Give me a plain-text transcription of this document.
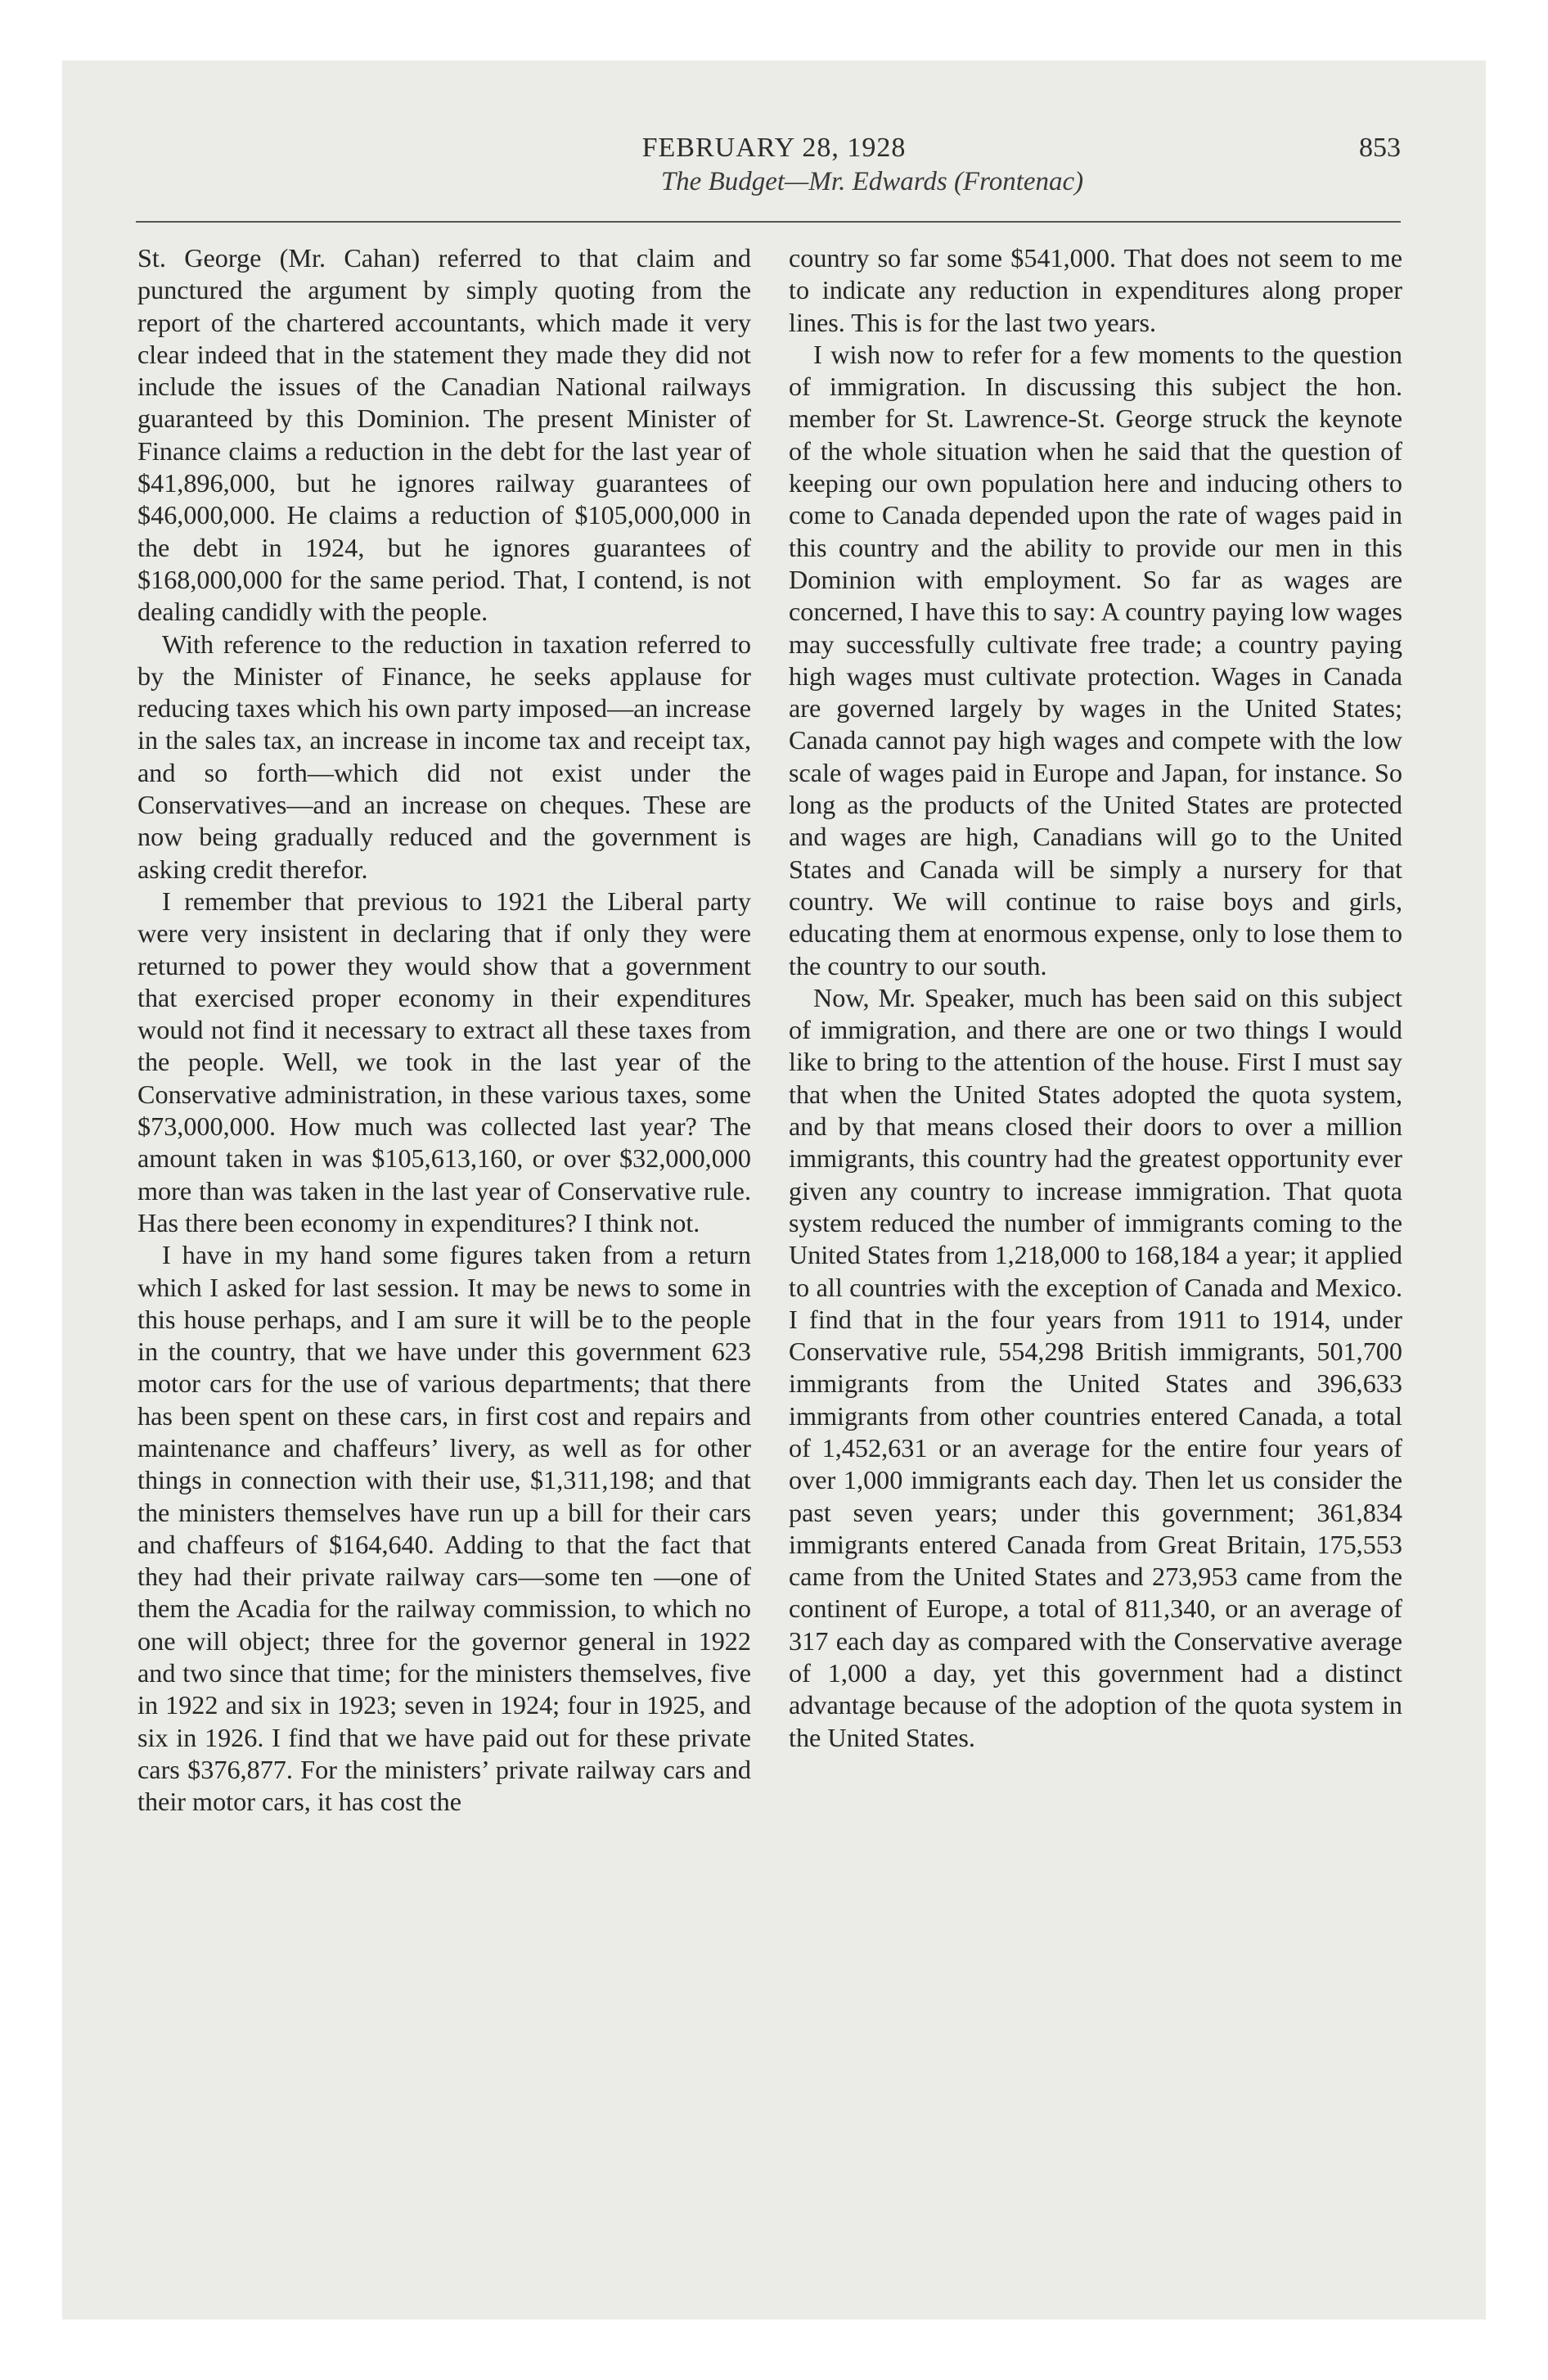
FEBRUARY 28, 1928	853
The Budget—Mr. Edwards (Frontenac)

St. George (Mr. Cahan) referred to that claim and punctured the argument by simply quoting from the report of the chartered accountants, which made it very clear indeed that in the statement they made they did not include the issues of the Canadian National railways guaranteed by this Dominion. The present Minister of Finance claims a reduction in the debt for the last year of $41,896,000, but he ignores railway guarantees of $46,000,000. He claims a reduction of $105,000,000 in the debt in 1924, but he ignores guarantees of $168,000,000 for the same period. That, I contend, is not dealing candidly with the people.

With reference to the reduction in taxation referred to by the Minister of Finance, he seeks applause for reducing taxes which his own party imposed—an increase in the sales tax, an increase in income tax and receipt tax, and so forth—which did not exist under the Conservatives—and an increase on cheques. These are now being gradually reduced and the government is asking credit therefor.

I remember that previous to 1921 the Liberal party were very insistent in declaring that if only they were returned to power they would show that a government that exercised proper economy in their expenditures would not find it necessary to extract all these taxes from the people. Well, we took in the last year of the Conservative administration, in these various taxes, some $73,000,000. How much was collected last year? The amount taken in was $105,613,160, or over $32,000,000 more than was taken in the last year of Conservative rule. Has there been economy in expenditures? I think not.

I have in my hand some figures taken from a return which I asked for last session. It may be news to some in this house perhaps, and I am sure it will be to the people in the country, that we have under this government 623 motor cars for the use of various departments; that there has been spent on these cars, in first cost and repairs and maintenance and chaffeurs’ livery, as well as for other things in connection with their use, $1,311,198; and that the ministers themselves have run up a bill for their cars and chaffeurs of $164,640. Adding to that the fact that they had their private railway cars—some ten —one of them the Acadia for the railway commission, to which no one will object; three for the governor general in 1922 and two since that time; for the ministers themselves, five in 1922 and six in 1923; seven in 1924; four in 1925, and six in 1926. I find that we have paid out for these private cars $376,877. For the ministers’ private railway cars and their motor cars, it has cost the

country so far some $541,000. That does not seem to me to indicate any reduction in expenditures along proper lines. This is for the last two years.

I wish now to refer for a few moments to the question of immigration. In discussing this subject the hon. member for St. Lawrence-St. George struck the keynote of the whole situation when he said that the question of keeping our own population here and inducing others to come to Canada depended upon the rate of wages paid in this country and the ability to provide our men in this Dominion with employment. So far as wages are concerned, I have this to say: A country paying low wages may successfully cultivate free trade; a country paying high wages must cultivate protection. Wages in Canada are governed largely by wages in the United States; Canada cannot pay high wages and compete with the low scale of wages paid in Europe and Japan, for instance. So long as the products of the United States are protected and wages are high, Canadians will go to the United States and Canada will be simply a nursery for that country. We will continue to raise boys and girls, educating them at enormous expense, only to lose them to the country to our south.

Now, Mr. Speaker, much has been said on this subject of immigration, and there are one or two things I would like to bring to the attention of the house. First I must say that when the United States adopted the quota system, and by that means closed their doors to over a million immigrants, this country had the greatest opportunity ever given any country to increase immigration. That quota system reduced the number of immigrants coming to the United States from 1,218,000 to 168,184 a year; it applied to all countries with the exception of Canada and Mexico. I find that in the four years from 1911 to 1914, under Conservative rule, 554,298 British immigrants, 501,700 immigrants from the United States and 396,633 immigrants from other countries entered Canada, a total of 1,452,631 or an average for the entire four years of over 1,000 immigrants each day. Then let us consider the past seven years; under this government; 361,834 immigrants entered Canada from Great Britain, 175,553 came from the United States and 273,953 came from the continent of Europe, a total of 811,340, or an average of 317 each day as compared with the Conservative average of 1,000 a day, yet this government had a distinct advantage because of the adoption of the quota system in the United States.
